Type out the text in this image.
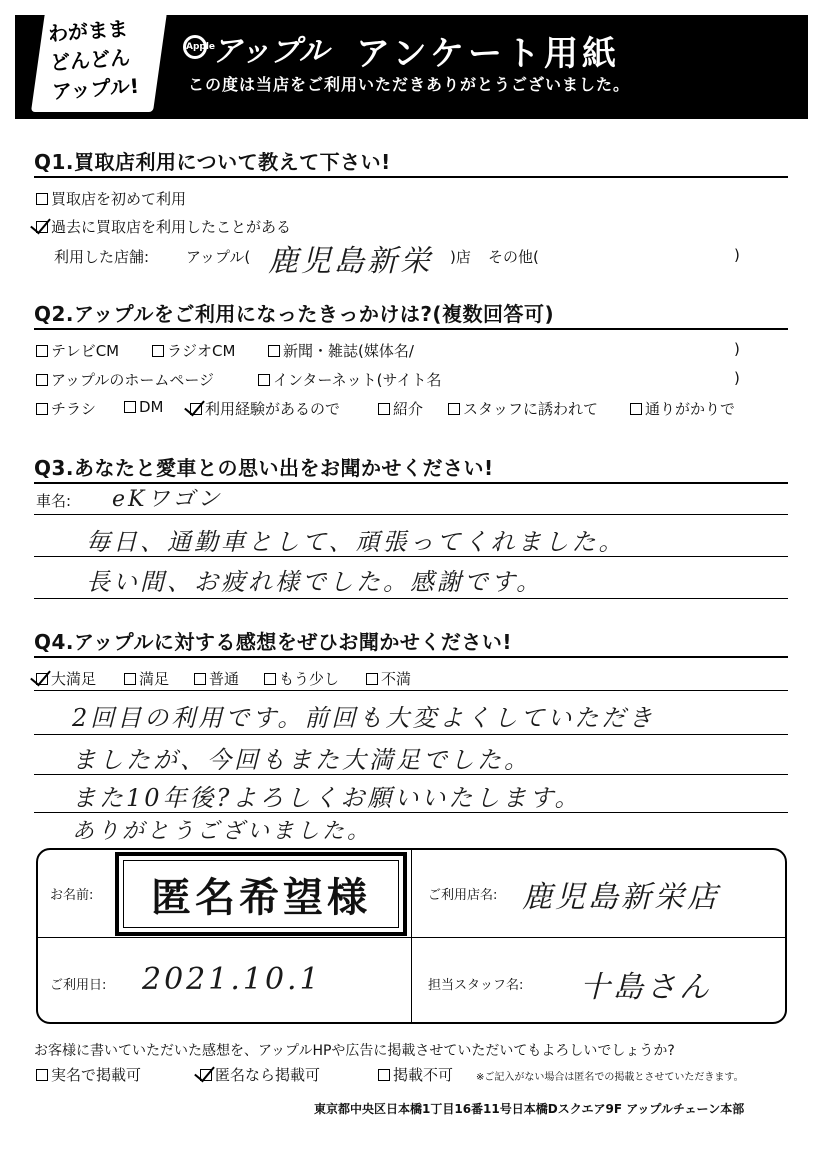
わがまま
どんどん
アップル!
Apple
アップル アンケート用紙
この度は当店をご利用いただきありがとうございました。
Q1.買取店利用について教えて下さい!
買取店を初めて利用
過去に買取店を利用したことがある
利用した店舗: アップル( 鹿児島新栄 )店 その他(	)
Q2.アップルをご利用になったきっかけは?(複数回答可)
テレビCM	ラジオCM	新聞・雑誌(媒体名/	)
アップルのホームページ	インターネット(サイト名	)
チラシ	DM	利用経験があるので	紹介	スタッフに誘われて	通りがかりで
Q3.あなたと愛車との思い出をお聞かせください!
車名: eKワゴン
毎日、通勤車として、頑張ってくれました。
長い間、お疲れ様でした。感謝です。
Q4.アップルに対する感想をぜひお聞かせください!
大満足	満足	普通	もう少し	不満
2回目の利用です。前回も大変よくしていただき
ましたが、今回もまた大満足でした。
また10年後?よろしくお願いいたします。
ありがとうございました。
お名前:	匿名希望様	ご利用店名: 鹿児島新栄店
ご利用日: 2021.10.1	担当スタッフ名: 十島さん
お客様に書いていただいた感想を、アップルHPや広告に掲載させていただいてもよろしいでしょうか?
実名で掲載可	匿名なら掲載可	掲載不可 ※ご記入がない場合は匿名での掲載とさせていただきます。
東京都中央区日本橋1丁目16番11号日本橋Dスクエア9F アップルチェーン本部
